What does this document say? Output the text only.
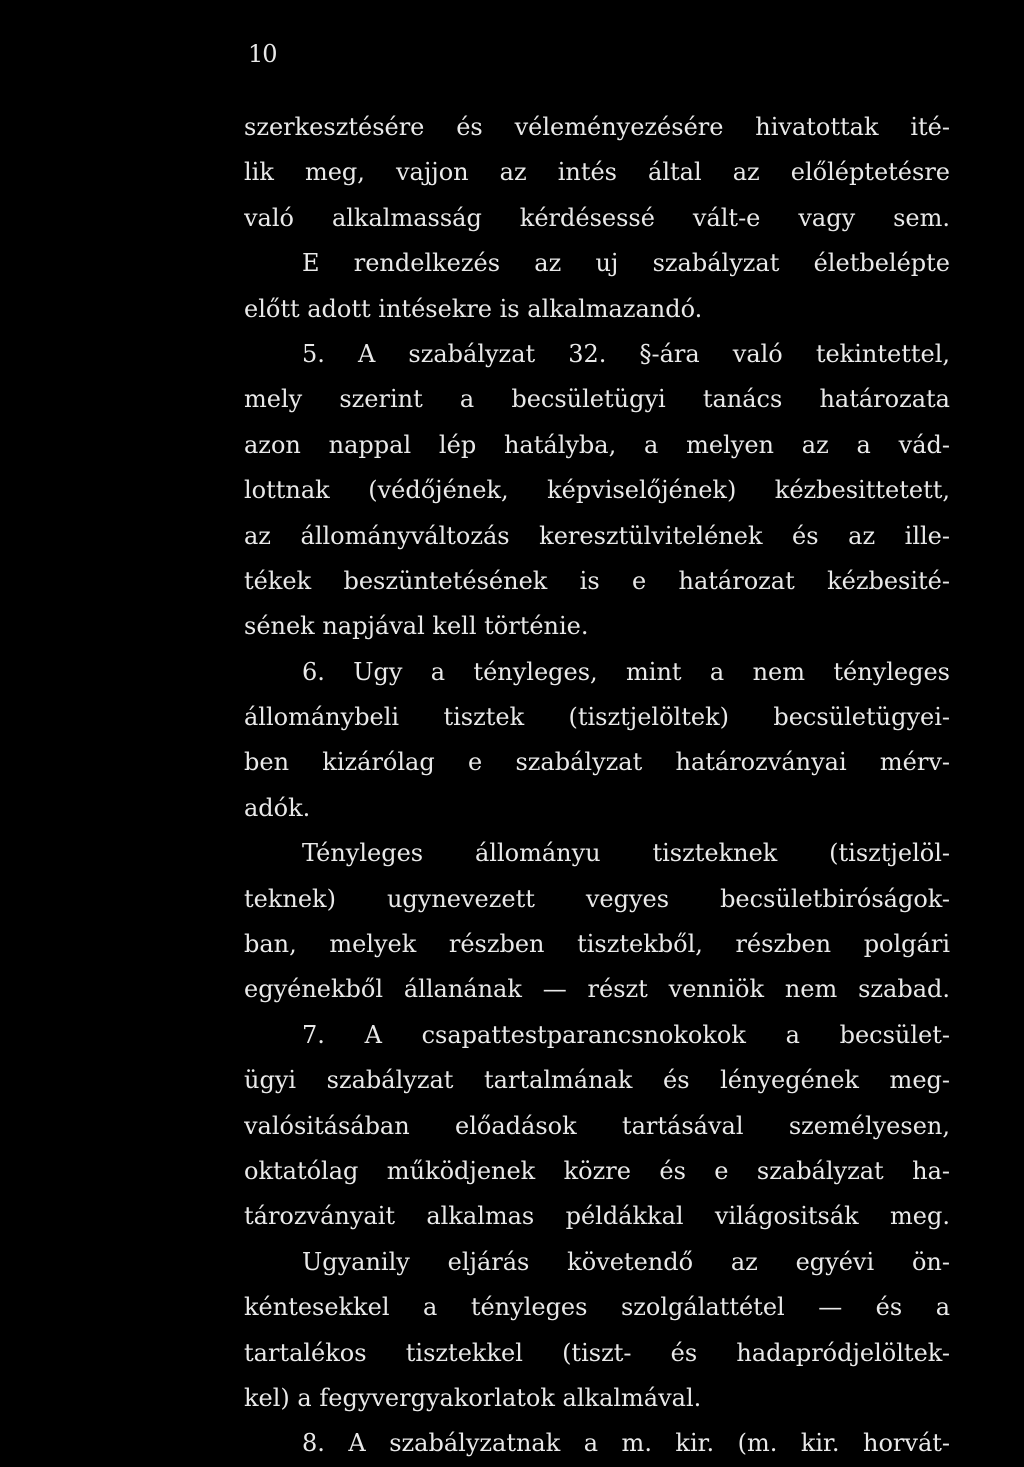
10
szerkesztésére és véleményezésére hivatottak ité-
lik meg, vajjon az intés által az előléptetésre
való alkalmasság kérdésessé vált-e vagy sem.
E rendelkezés az uj szabályzat életbelépte
előtt adott intésekre is alkalmazandó.
5. A szabályzat 32. §-ára való tekintettel,
mely szerint a becsületügyi tanács határozata
azon nappal lép hatályba, a melyen az a vád-
lottnak (védőjének, képviselőjének) kézbesittetett,
az állományváltozás keresztülvitelének és az ille-
tékek beszüntetésének is e határozat kézbesité-
sének napjával kell történie.
6. Ugy a tényleges, mint a nem tényleges
állománybeli tisztek (tisztjelöltek) becsületügyei-
ben kizárólag e szabályzat határozványai mérv-
adók.
Tényleges állományu tiszteknek (tisztjelöl-
teknek) ugynevezett vegyes becsületbiróságok-
ban, melyek részben tisztekből, részben polgári
egyénekből állanának — részt venniök nem szabad.
7. A csapattestparancsnokokok a becsület-
ügyi szabályzat tartalmának és lényegének meg-
valósitásában előadások tartásával személyesen,
oktatólag működjenek közre és e szabályzat ha-
tározványait alkalmas példákkal világositsák meg.
Ugyanily eljárás követendő az egyévi ön-
kéntesekkel a tényleges szolgálattétel — és a
tartalékos tisztekkel (tiszt- és hadapródjelöltek-
kel) a fegyvergyakorlatok alkalmával.
8. A szabályzatnak a m. kir. (m. kir. horvát-
